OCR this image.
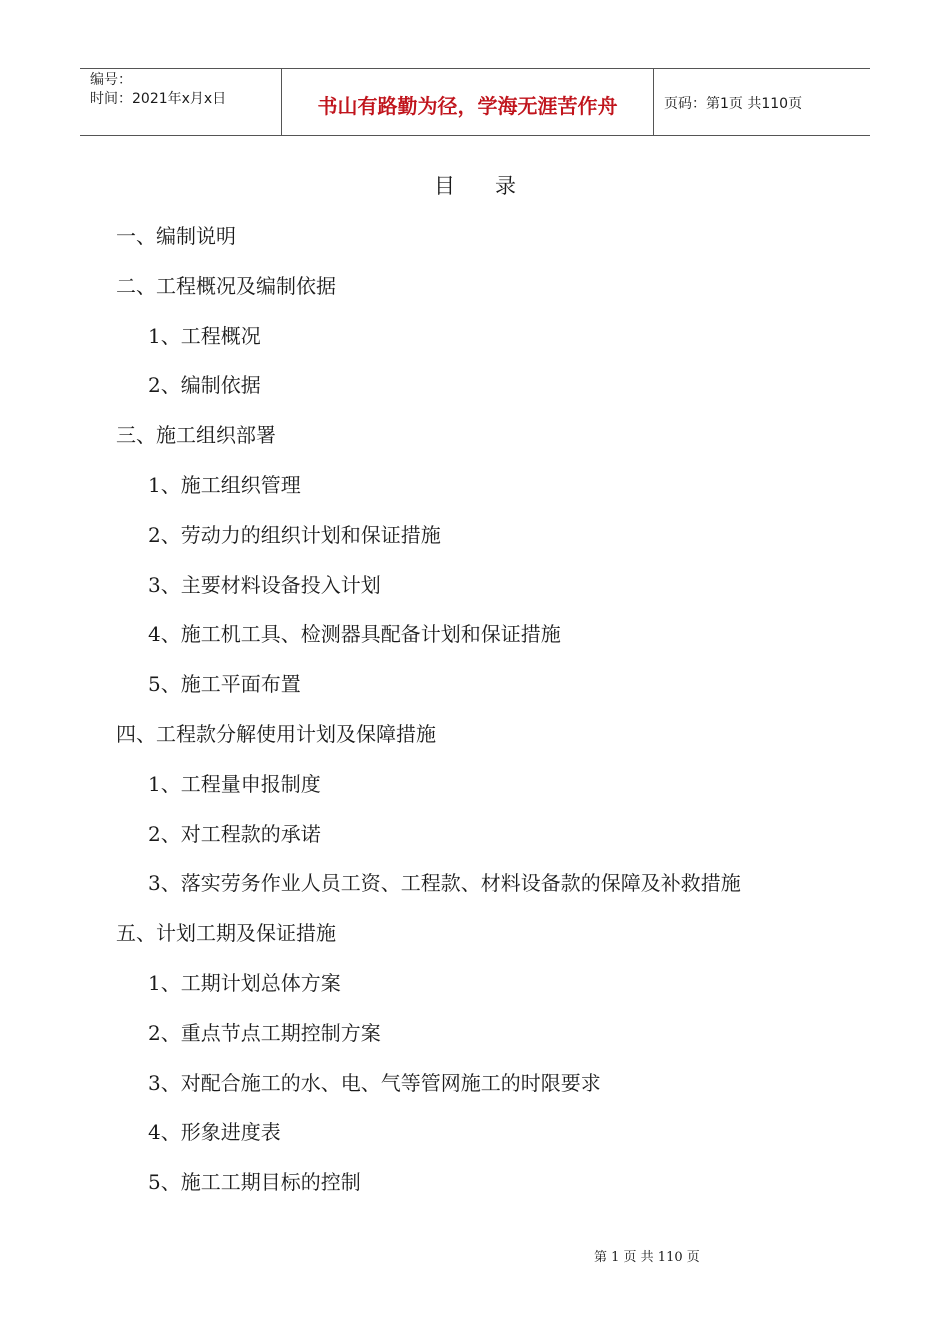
编号：
时间：2021年x月x日	书山有路勤为径，学海无涯苦作舟	页码：第1页 共110页
目 录
一、编制说明
二、工程概况及编制依据
1、工程概况
2、编制依据
三、施工组织部署
1、施工组织管理
2、劳动力的组织计划和保证措施
3、主要材料设备投入计划
4、施工机工具、检测器具配备计划和保证措施
5、施工平面布置
四、工程款分解使用计划及保障措施
1、工程量申报制度
2、对工程款的承诺
3、落实劳务作业人员工资、工程款、材料设备款的保障及补救措施
五、计划工期及保证措施
1、工期计划总体方案
2、重点节点工期控制方案
3、对配合施工的水、电、气等管网施工的时限要求
4、形象进度表
5、施工工期目标的控制
第 1 页 共 110 页
